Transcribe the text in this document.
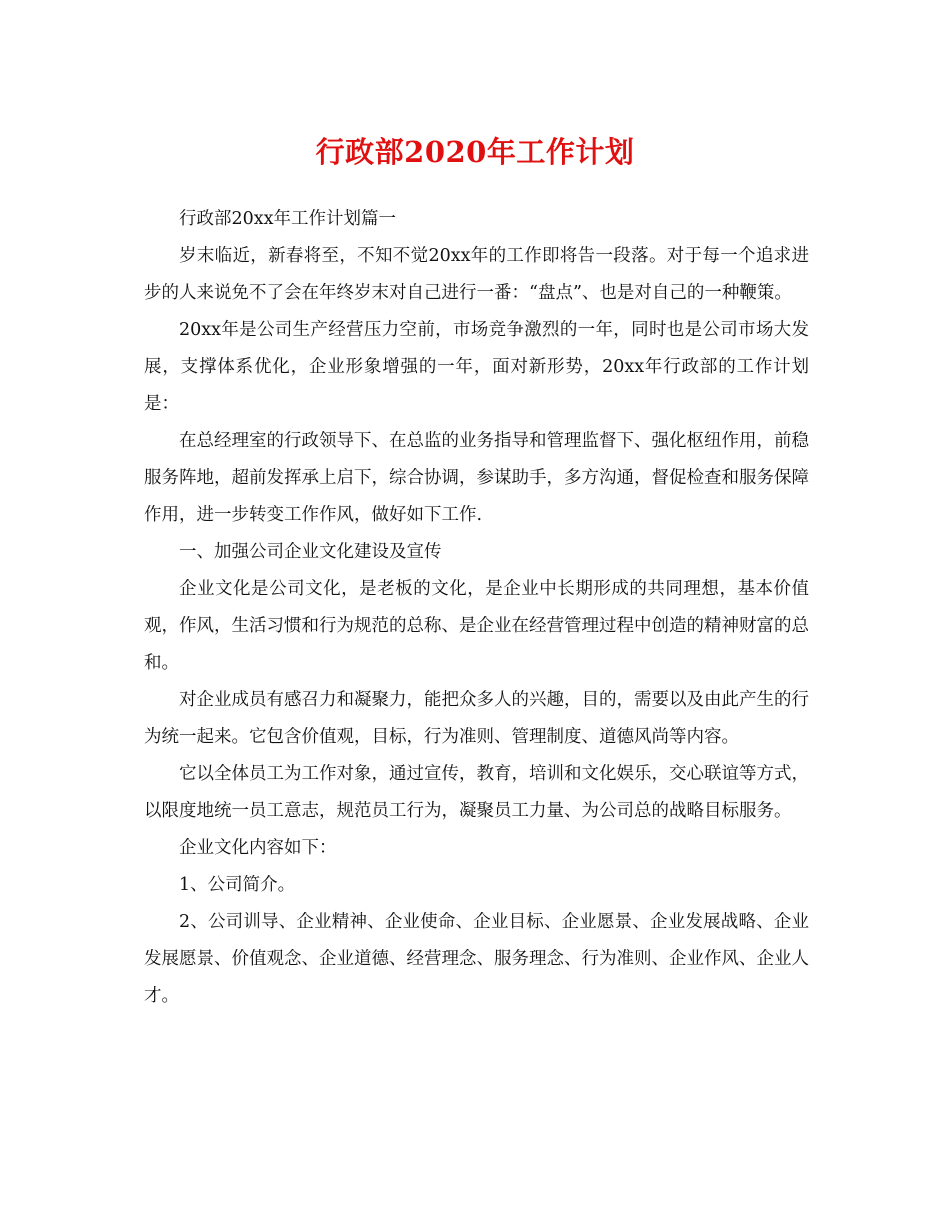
行政部2020年工作计划

行政部20xx年工作计划篇一

岁末临近，新春将至，不知不觉20xx年的工作即将告一段落。对于每一个追求进步的人来说免不了会在年终岁末对自己进行一番：“盘点”、也是对自己的一种鞭策。

20xx年是公司生产经营压力空前，市场竞争激烈的一年，同时也是公司市场大发展，支撑体系优化，企业形象增强的一年，面对新形势，20xx年行政部的工作计划是：

在总经理室的行政领导下、在总监的业务指导和管理监督下、强化枢纽作用，前稳服务阵地，超前发挥承上启下，综合协调，参谋助手，多方沟通，督促检查和服务保障作用，进一步转变工作作风，做好如下工作.

一、加强公司企业文化建设及宣传

企业文化是公司文化，是老板的文化，是企业中长期形成的共同理想，基本价值观，作风，生活习惯和行为规范的总称、是企业在经营管理过程中创造的精神财富的总和。

对企业成员有感召力和凝聚力，能把众多人的兴趣，目的，需要以及由此产生的行为统一起来。它包含价值观，目标，行为准则、管理制度、道德风尚等内容。

它以全体员工为工作对象，通过宣传，教育，培训和文化娱乐，交心联谊等方式，以限度地统一员工意志，规范员工行为，凝聚员工力量、为公司总的战略目标服务。

企业文化内容如下：

1、公司简介。

2、公司训导、企业精神、企业使命、企业目标、企业愿景、企业发展战略、企业发展愿景、价值观念、企业道德、经营理念、服务理念、行为准则、企业作风、企业人才。
